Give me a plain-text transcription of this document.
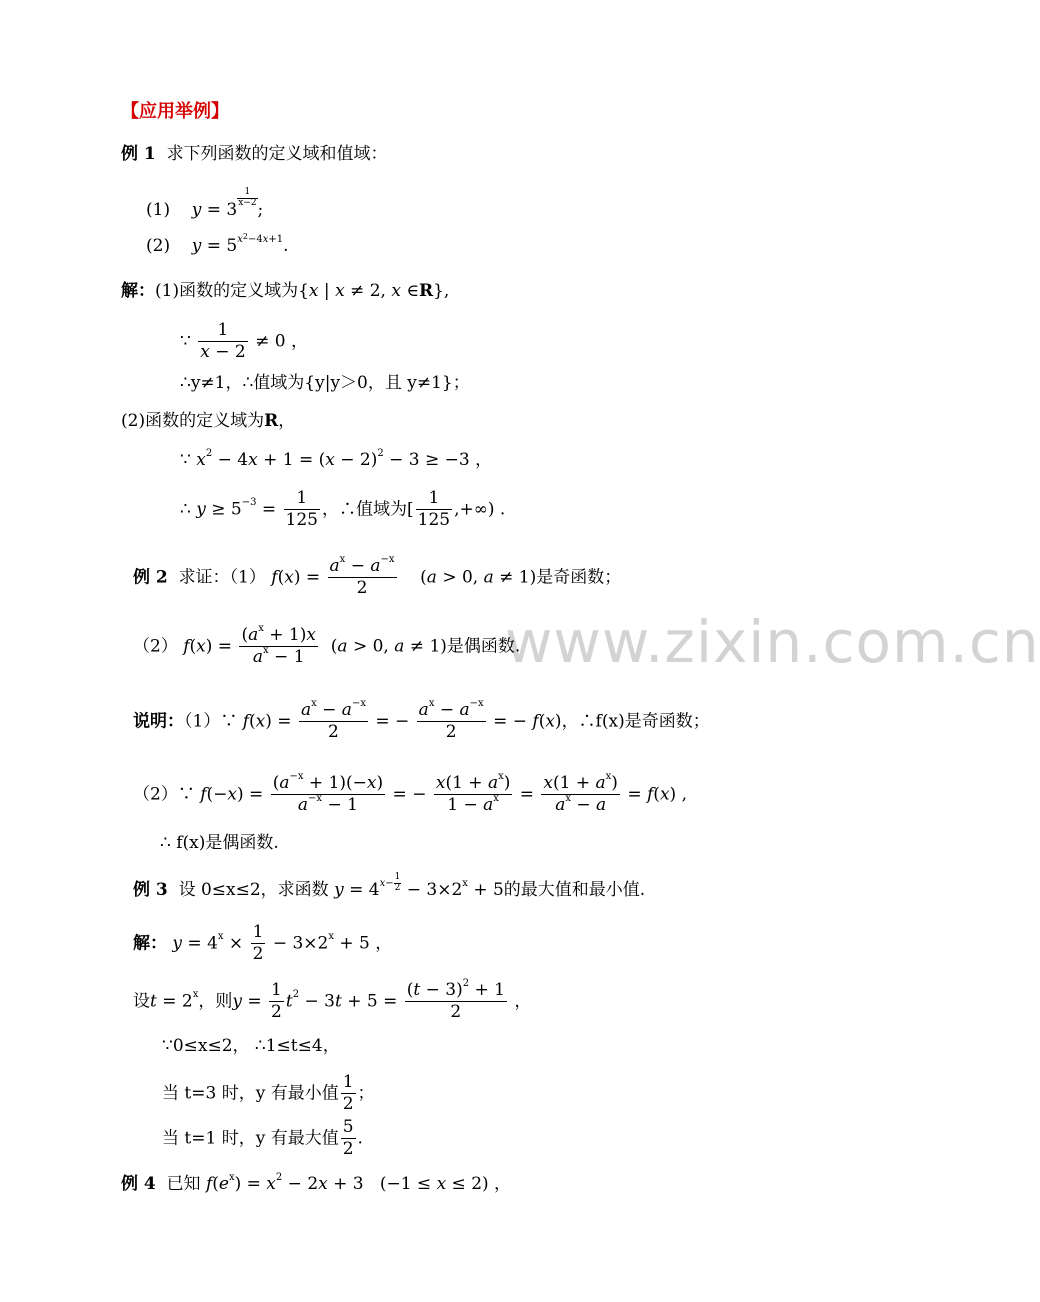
www.zixin.com.cn
【应用举例】
例 1 求下列函数的定义域和值域：
(1) y = 3
$\frac{1}{x-2}$
;
(2) $y = 5^{x^2-4x+1}$.
解：(1)函数的定义域为{x | x ≠ 2, x ∈R},
∵ $\frac{1}{x - 2} \ne 0$ ，
∴y≠1，∴值域为{y|y＞0，且 y≠1}；
(2)函数的定义域为R，
∵ $x^2 - 4x + 1 = (x - 2)^2 - 3 \ge -3$ ，
∴ $y \ge 5^{-3} = \frac{1}{125}$ ，∴值域为[ $\frac{1}{125}$ ,+∞) .
例 2 求证：（1） $f(x) = \frac{a^x - a^{-x}}{2} (a > 0$, a ≠ 1)是奇函数；
（2） $f(x) = \frac{(a^x + 1)x}{a^x - 1} (a > 0$, a ≠ 1)是偶函数.
说明：（1）∵ $f(x) = \frac{a^x - a^{-x}}{2}$ = − $\frac{a^x - a^{-x}}{2}$ = − f(x)，∴f(x)是奇函数；
（2）∵ $f(-x) = \frac{(a^{-x} + 1)(-x)}{a^{-x} - 1}$ = − $\frac{x(1 + a^x)}{1 - a^x} = \frac{x(1 + a^x)}{a^x - a} = f(x)$ ,
∴ f(x)是偶函数.
例 3 设 0≤x≤2，求函数 $y = 4^{x- \frac{1}{2}} - 3\times 2^x + 5$的最大值和最小值.
解： $y = 4^x \times \frac{1}{2} - 3\times 2^x + 5$ ，
设$t = 2^x$，则$y = \frac{1}{2} t^2 - 3t + 5 = \frac{(t - 3)^2 + 1}{2}$ ，
∵0≤x≤2， ∴1≤t≤4，
当 t=3 时，y 有最小值 $\frac{1}{2}$ ；
当 t=1 时，y 有最大值 $\frac{5}{2}$ .
例 4 已知 $f(e^x) = x^2 - 2x + 3$   (−1 ≤ x ≤ 2) ，
